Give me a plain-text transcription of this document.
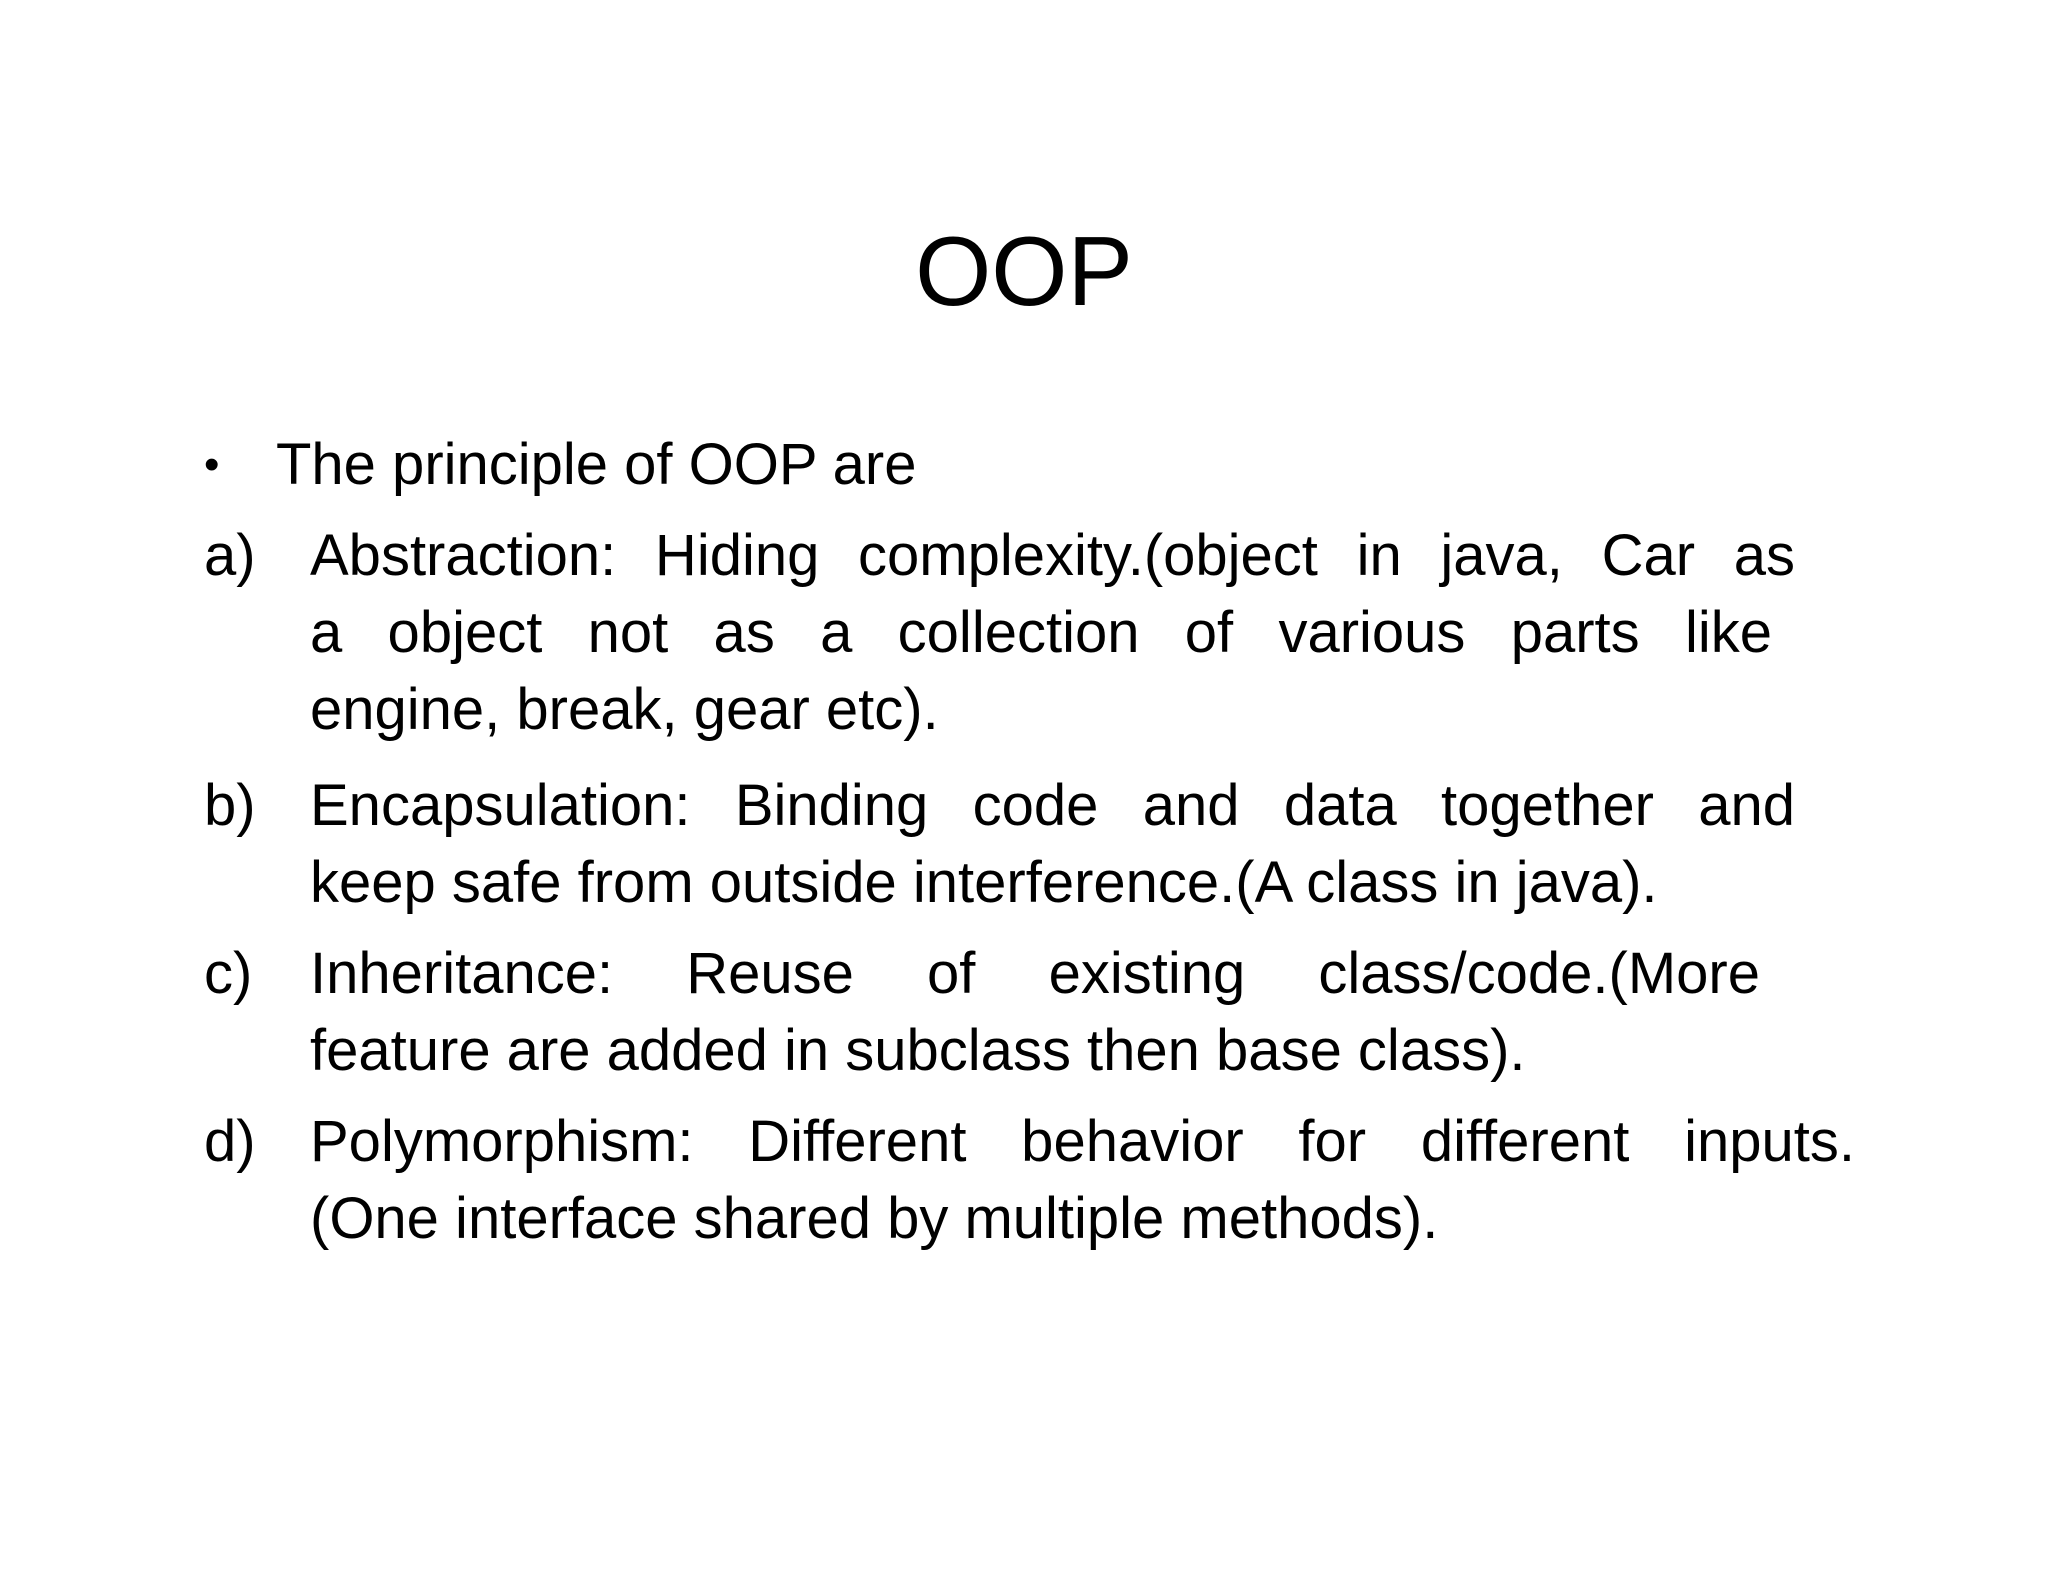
OOP
• The principle of OOP are
a) Abstraction: Hiding complexity.(object in java, Car as
a object not as a collection of various parts like
engine, break, gear etc).
b) Encapsulation: Binding code and data together and
keep safe from outside interference.(A class in java).
c) Inheritance: Reuse of existing class/code.(More
feature are added in subclass then base class).
d) Polymorphism: Different behavior for different inputs.
(One interface shared by multiple methods).
